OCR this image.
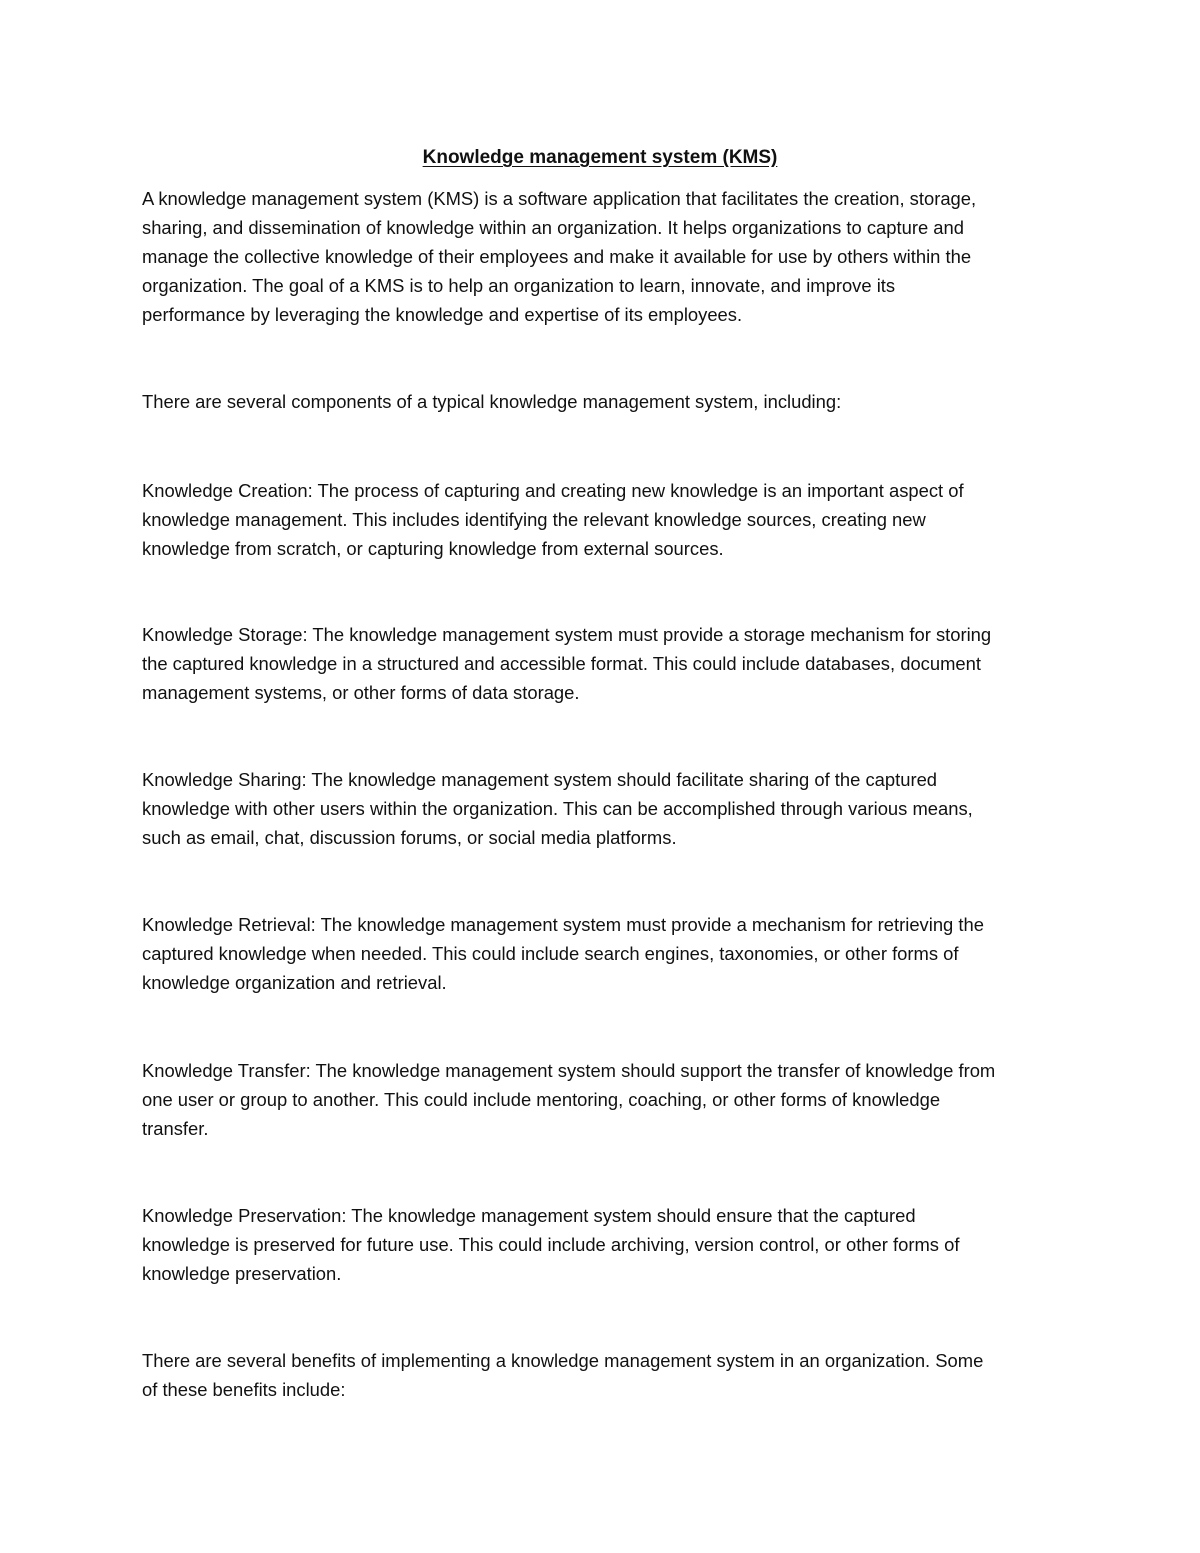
Knowledge management system (KMS)

A knowledge management system (KMS) is a software application that facilitates the creation, storage,
sharing, and dissemination of knowledge within an organization. It helps organizations to capture and
manage the collective knowledge of their employees and make it available for use by others within the
organization. The goal of a KMS is to help an organization to learn, innovate, and improve its
performance by leveraging the knowledge and expertise of its employees.

There are several components of a typical knowledge management system, including:

Knowledge Creation: The process of capturing and creating new knowledge is an important aspect of
knowledge management. This includes identifying the relevant knowledge sources, creating new
knowledge from scratch, or capturing knowledge from external sources.

Knowledge Storage: The knowledge management system must provide a storage mechanism for storing
the captured knowledge in a structured and accessible format. This could include databases, document
management systems, or other forms of data storage.

Knowledge Sharing: The knowledge management system should facilitate sharing of the captured
knowledge with other users within the organization. This can be accomplished through various means,
such as email, chat, discussion forums, or social media platforms.

Knowledge Retrieval: The knowledge management system must provide a mechanism for retrieving the
captured knowledge when needed. This could include search engines, taxonomies, or other forms of
knowledge organization and retrieval.

Knowledge Transfer: The knowledge management system should support the transfer of knowledge from
one user or group to another. This could include mentoring, coaching, or other forms of knowledge
transfer.

Knowledge Preservation: The knowledge management system should ensure that the captured
knowledge is preserved for future use. This could include archiving, version control, or other forms of
knowledge preservation.

There are several benefits of implementing a knowledge management system in an organization. Some
of these benefits include:
